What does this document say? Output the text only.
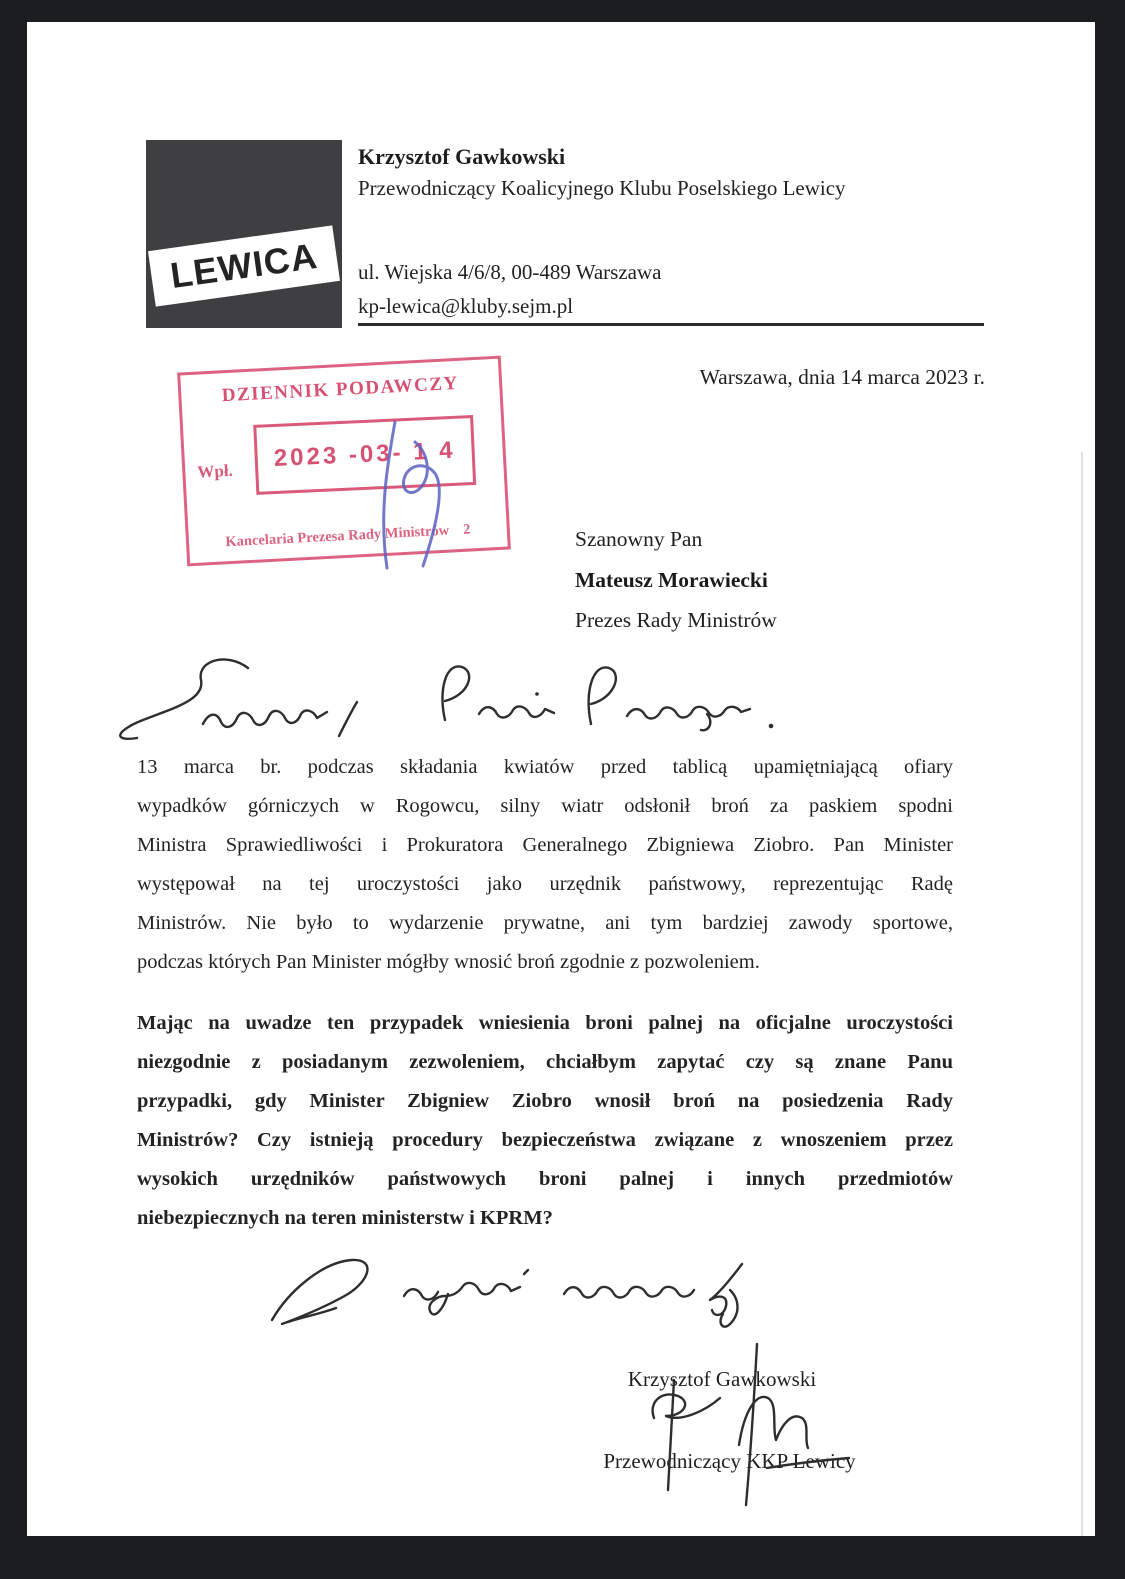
LEWICA
Krzysztof Gawkowski
Przewodniczący Koalicyjnego Klubu Poselskiego Lewicy
ul. Wiejska 4/6/8, 00-489 Warszawa
kp-lewica@kluby.sejm.pl
Warszawa, dnia 14 marca 2023 r.
DZIENNIK PODAWCZY
Wpł.	2023 -03- 1 4
Kancelaria Prezesa Rady Ministrów 2	Szanowny Pan
Mateusz Morawiecki
Prezes Rady Ministrów
13 marca br. podczas składania kwiatów przed tablicą upamiętniającą ofiary
wypadków górniczych w Rogowcu, silny wiatr odsłonił broń za paskiem spodni
Ministra Sprawiedliwości i Prokuratora Generalnego Zbigniewa Ziobro. Pan Minister
występował na tej uroczystości jako urzędnik państwowy, reprezentując Radę
Ministrów. Nie było to wydarzenie prywatne, ani tym bardziej zawody sportowe,
podczas których Pan Minister mógłby wnosić broń zgodnie z pozwoleniem.
Mając na uwadze ten przypadek wniesienia broni palnej na oficjalne uroczystości
niezgodnie z posiadanym zezwoleniem, chciałbym zapytać czy są znane Panu
przypadki, gdy Minister Zbigniew Ziobro wnosił broń na posiedzenia Rady
Ministrów? Czy istnieją procedury bezpieczeństwa związane z wnoszeniem przez
wysokich urzędników państwowych broni palnej i innych przedmiotów
niebezpiecznych na teren ministerstw i KPRM?
Krzysztof Gawkowski
Przewodniczący KKP Lewicy
